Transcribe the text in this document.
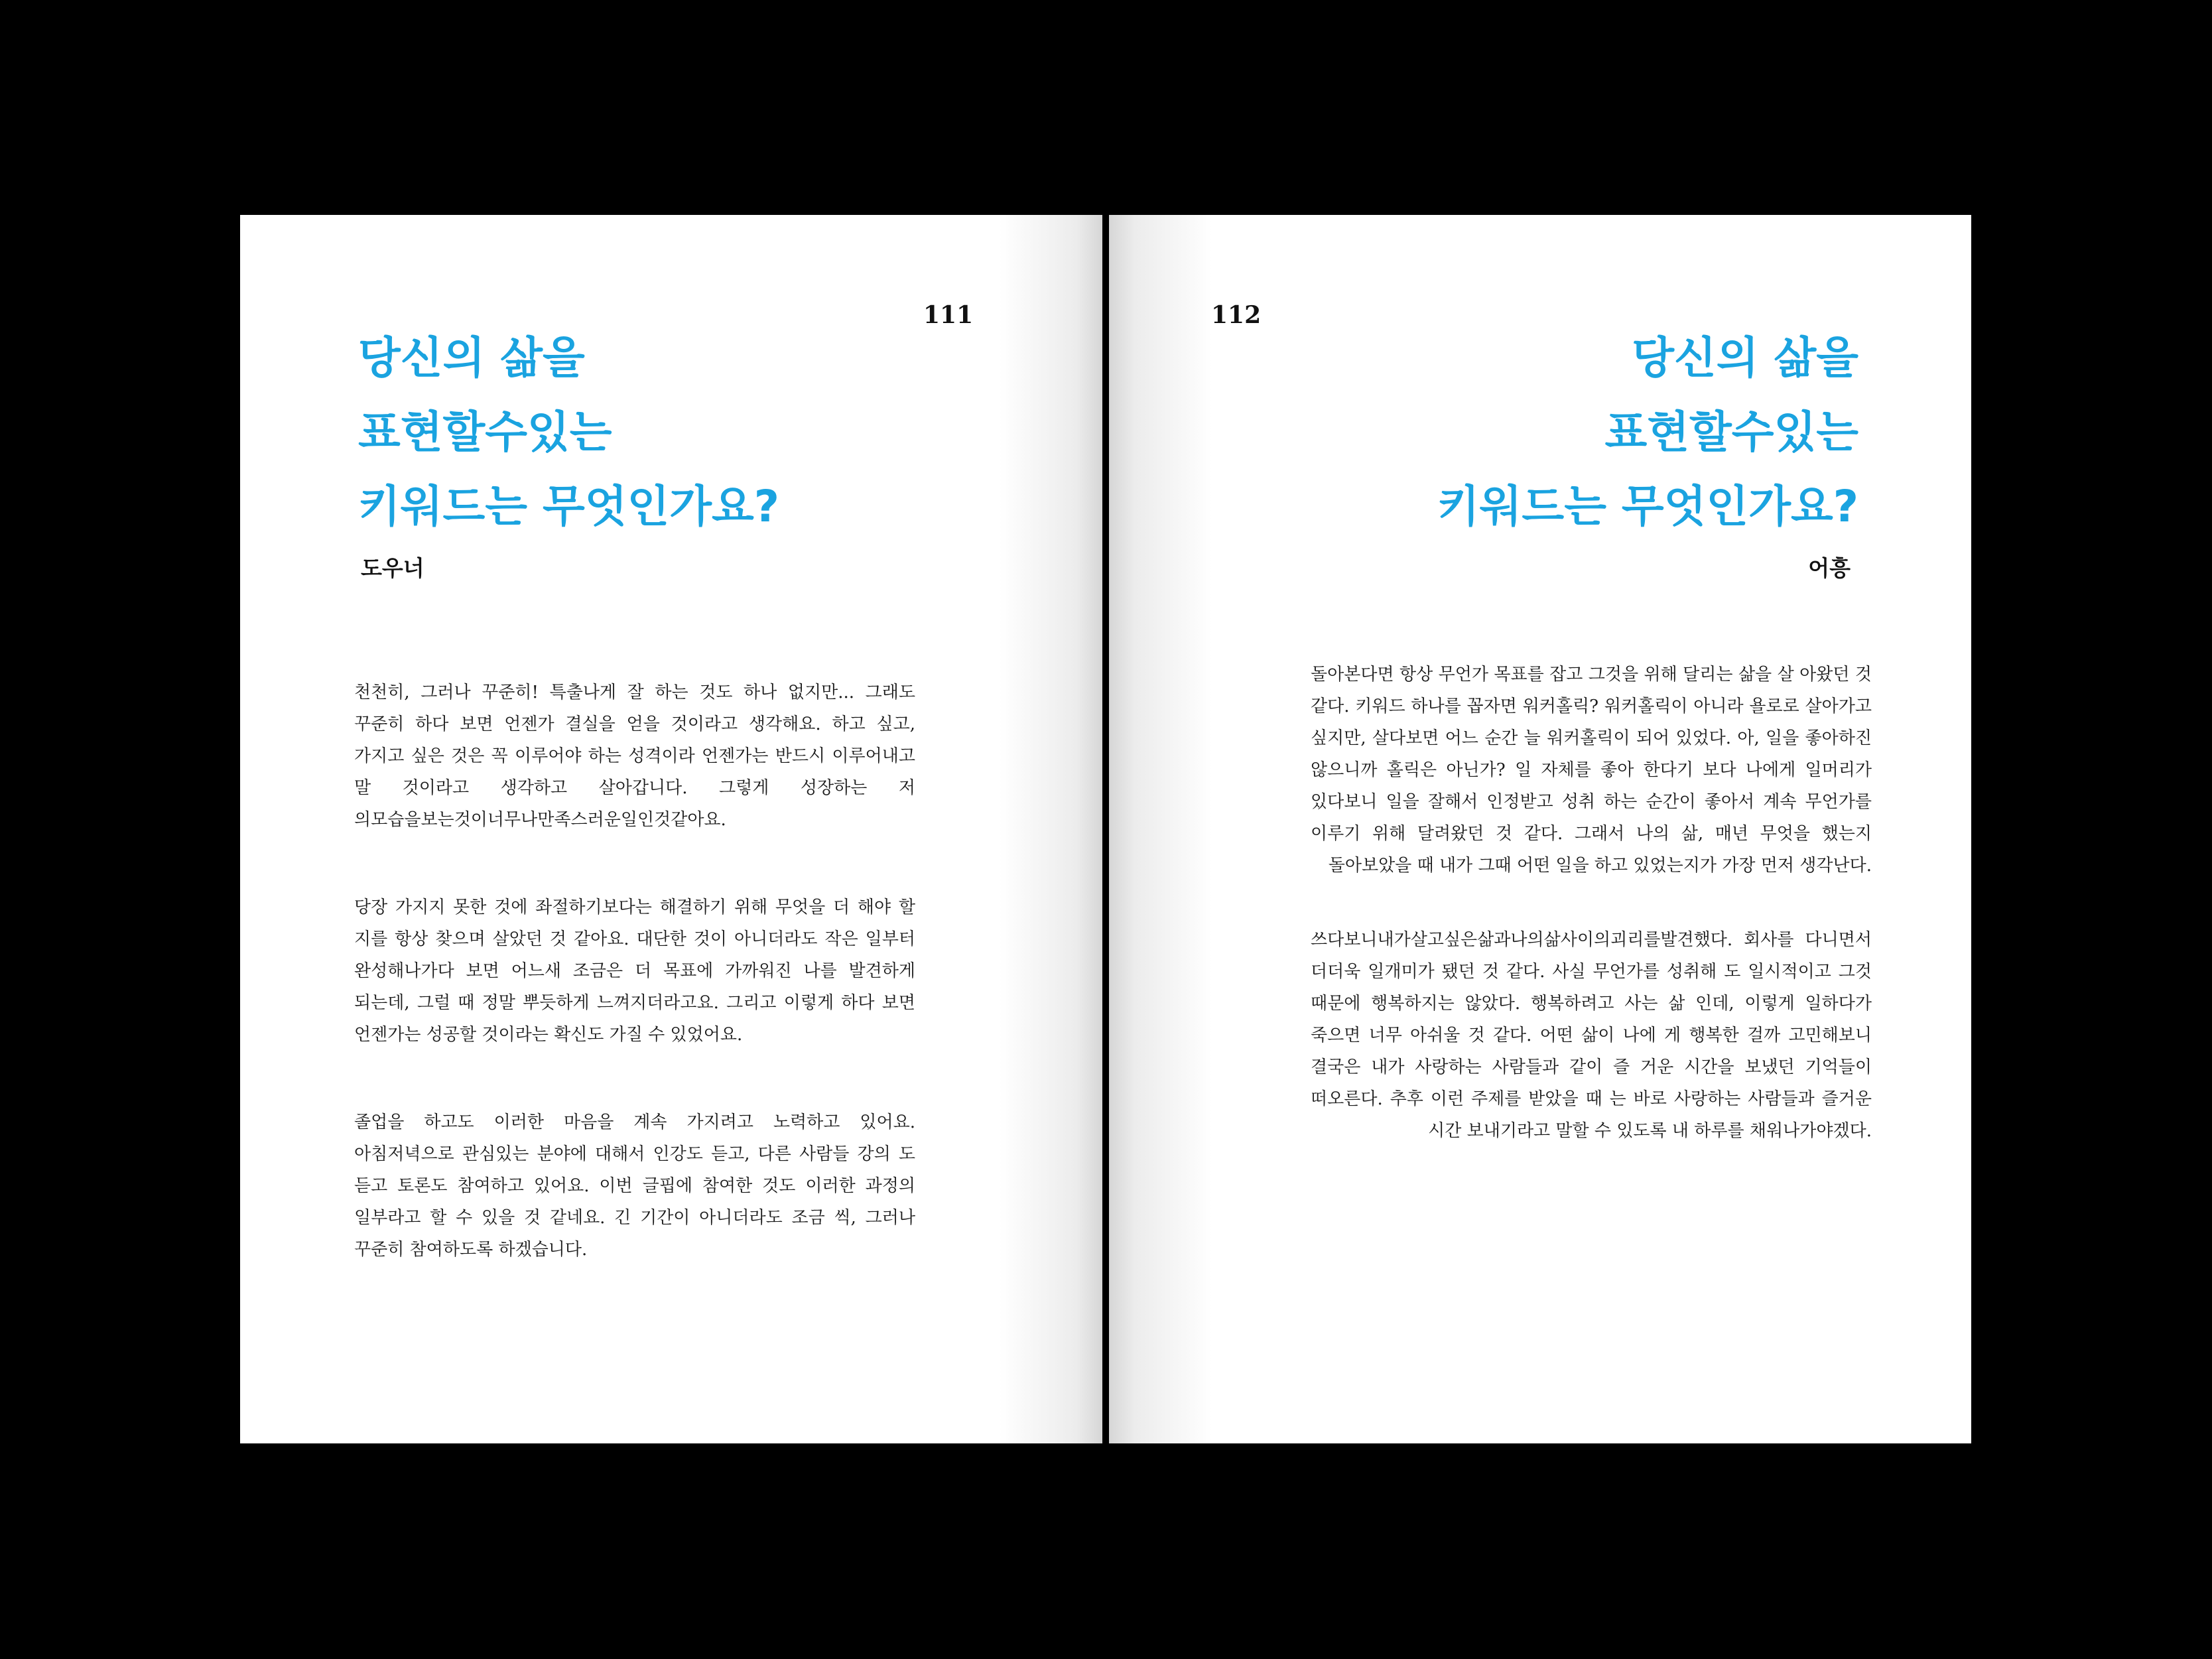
111
당신의 삶을
표현할수있는
키워드는 무엇인가요?
도우너

천천히, 그러나 꾸준히! 특출나게 잘 하는 것도 하나 없지만... 그래도 꾸준히 하다 보면 언젠가 결실을 얻을 것이라고 생각해요. 하고 싶고, 가지고 싶은 것은 꼭 이루어야 하는 성격이라 언젠가는 반드시 이루어내고 말 것이라고 생각하고 살아갑니다. 그렇게 성장하는 저 의모습을보는것이너무나만족스러운일인것같아요.

당장 가지지 못한 것에 좌절하기보다는 해결하기 위해 무엇을 더 해야 할 지를 항상 찾으며 살았던 것 같아요. 대단한 것이 아니더라도 작은 일부터 완성해나가다 보면 어느새 조금은 더 목표에 가까워진 나를 발견하게 되는데, 그럴 때 정말 뿌듯하게 느껴지더라고요. 그리고 이렇게 하다 보면 언젠가는 성공할 것이라는 확신도 가질 수 있었어요.

졸업을 하고도 이러한 마음을 계속 가지려고 노력하고 있어요. 아침저녁으로 관심있는 분야에 대해서 인강도 듣고, 다른 사람들 강의 도 듣고 토론도 참여하고 있어요. 이번 글핍에 참여한 것도 이러한 과정의 일부라고 할 수 있을 것 같네요. 긴 기간이 아니더라도 조금 씩, 그러나 꾸준히 참여하도록 하겠습니다.

112
당신의 삶을
표현할수있는
키워드는 무엇인가요?
어흥

돌아본다면 항상 무언가 목표를 잡고 그것을 위해 달리는 삶을 살 아왔던 것 같다. 키워드 하나를 꼽자면 워커홀릭? 워커홀릭이 아니라 욜로로 살아가고 싶지만, 살다보면 어느 순간 늘 워커홀릭이 되어 있었다. 아, 일을 좋아하진 않으니까 홀릭은 아닌가? 일 자체를 좋아 한다기 보다 나에게 일머리가 있다보니 일을 잘해서 인정받고 성취 하는 순간이 좋아서 계속 무언가를 이루기 위해 달려왔던 것 같다. 그래서 나의 삶, 매년 무엇을 했는지 돌아보았을 때 내가 그때 어떤 일을 하고 있었는지가 가장 먼저 생각난다.

쓰다보니내가살고싶은삶과나의삶사이의괴리를발견했다. 회사를 다니면서 더더욱 일개미가 됐던 것 같다. 사실 무언가를 성취해 도 일시적이고 그것 때문에 행복하지는 않았다. 행복하려고 사는 삶 인데, 이렇게 일하다가 죽으면 너무 아쉬울 것 같다. 어떤 삶이 나에 게 행복한 걸까 고민해보니 결국은 내가 사랑하는 사람들과 같이 즐 거운 시간을 보냈던 기억들이 떠오른다. 추후 이런 주제를 받았을 때 는 바로 사랑하는 사람들과 즐거운 시간 보내기라고 말할 수 있도록 내 하루를 채워나가야겠다.
